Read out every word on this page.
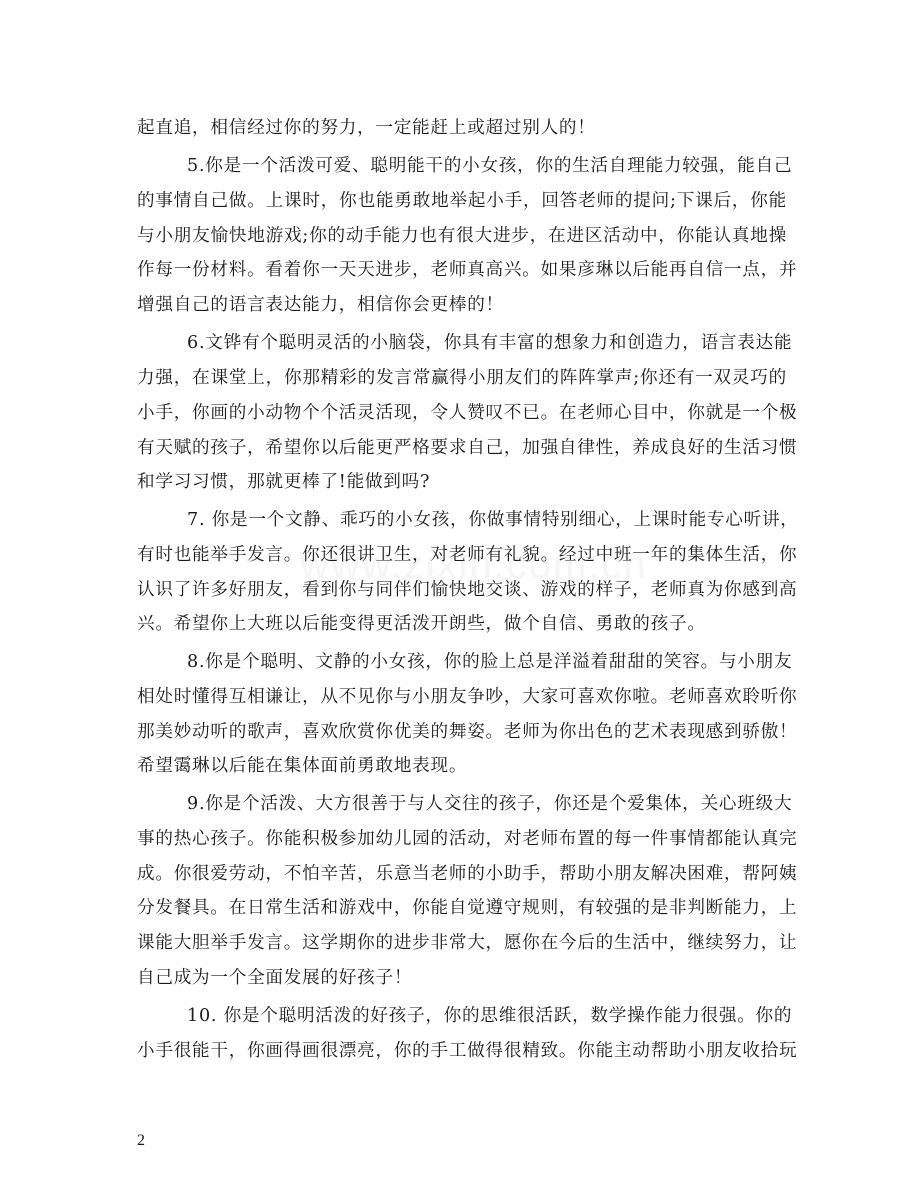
起直追，相信经过你的努力，一定能赶上或超过别人的！
5.你是一个活泼可爱、聪明能干的小女孩，你的生活自理能力较强，能自己
的事情自己做。上课时，你也能勇敢地举起小手，回答老师的提问;下课后，你能
与小朋友愉快地游戏;你的动手能力也有很大进步，在进区活动中，你能认真地操
作每一份材料。看着你一天天进步，老师真高兴。如果彦琳以后能再自信一点，并
增强自己的语言表达能力，相信你会更棒的！
6.文铧有个聪明灵活的小脑袋，你具有丰富的想象力和创造力，语言表达能
力强，在课堂上，你那精彩的发言常赢得小朋友们的阵阵掌声;你还有一双灵巧的
小手，你画的小动物个个活灵活现，令人赞叹不已。在老师心目中，你就是一个极
有天赋的孩子，希望你以后能更严格要求自己，加强自律性，养成良好的生活习惯
和学习习惯，那就更棒了!能做到吗?
7. 你是一个文静、乖巧的小女孩，你做事情特别细心，上课时能专心听讲，
有时也能举手发言。你还很讲卫生，对老师有礼貌。经过中班一年的集体生活，你
认识了许多好朋友，看到你与同伴们愉快地交谈、游戏的样子，老师真为你感到高
兴。希望你上大班以后能变得更活泼开朗些，做个自信、勇敢的孩子。
8.你是个聪明、文静的小女孩，你的脸上总是洋溢着甜甜的笑容。与小朋友
相处时懂得互相谦让，从不见你与小朋友争吵，大家可喜欢你啦。老师喜欢聆听你
那美妙动听的歌声，喜欢欣赏你优美的舞姿。老师为你出色的艺术表现感到骄傲！
希望霭琳以后能在集体面前勇敢地表现。
9.你是个活泼、大方很善于与人交往的孩子，你还是个爱集体，关心班级大
事的热心孩子。你能积极参加幼儿园的活动，对老师布置的每一件事情都能认真完
成。你很爱劳动，不怕辛苦，乐意当老师的小助手，帮助小朋友解决困难，帮阿姨
分发餐具。在日常生活和游戏中，你能自觉遵守规则，有较强的是非判断能力，上
课能大胆举手发言。这学期你的进步非常大，愿你在今后的生活中，继续努力，让
自己成为一个全面发展的好孩子！
10. 你是个聪明活泼的好孩子，你的思维很活跃，数学操作能力很强。你的
小手很能干，你画得画很漂亮，你的手工做得很精致。你能主动帮助小朋友收拾玩
2
